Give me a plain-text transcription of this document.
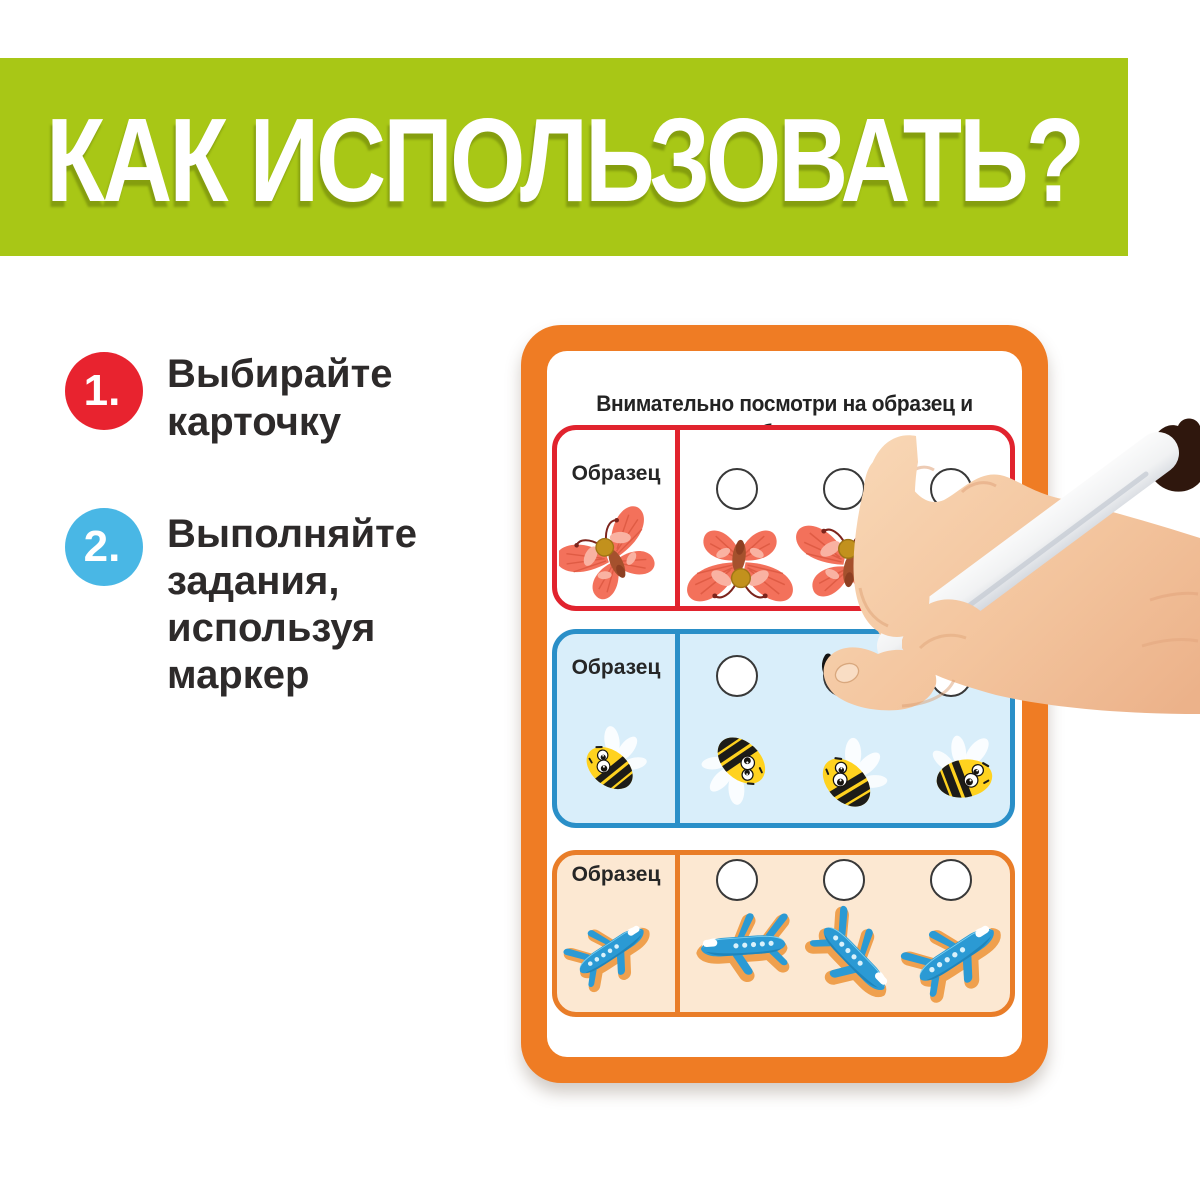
КАК ИСПОЛЬЗОВАТЬ?
1. Выбирайте
карточку
2. Выполняйте
задания,
используя
маркер
Внимательно посмотри на образец и

Образец
Образец
Образец
